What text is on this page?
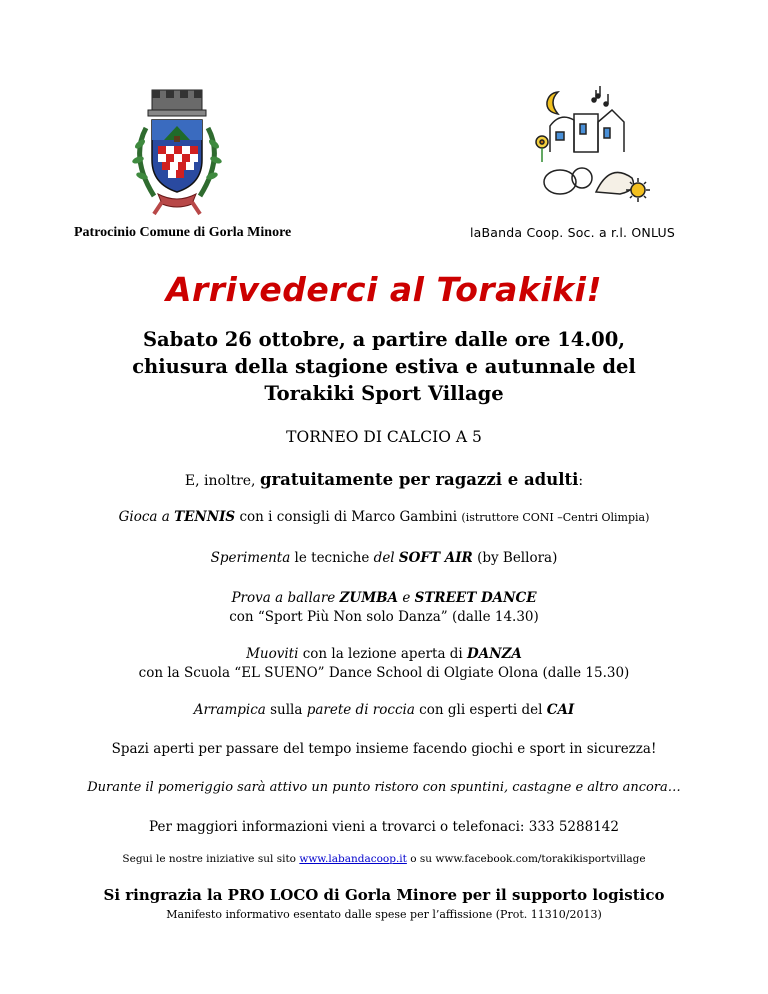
Patrocinio Comune di Gorla Minore	laBanda Coop. Soc. a r.l. ONLUS
Arrivederci al Torakiki!
Sabato 26 ottobre, a partire dalle ore 14.00,
chiusura della stagione estiva e autunnale del
Torakiki Sport Village
TORNEO DI CALCIO A 5
E, inoltre, gratuitamente per ragazzi e adulti:
Gioca a TENNIS con i consigli di Marco Gambini (istruttore CONI –Centri Olimpia)
Sperimenta le tecniche del SOFT AIR (by Bellora)
Prova a ballare ZUMBA e STREET DANCE
con “Sport Più Non solo Danza” (dalle 14.30)
Muoviti con la lezione aperta di DANZA
con la Scuola “EL SUENO” Dance School di Olgiate Olona (dalle 15.30)
Arrampica sulla parete di roccia con gli esperti del CAI
Spazi aperti per passare del tempo insieme facendo giochi e sport in sicurezza!
Durante il pomeriggio sarà attivo un punto ristoro con spuntini, castagne e altro ancora…
Per maggiori informazioni vieni a trovarci o telefonaci: 333 5288142
Segui le nostre iniziative sul sito www.labandacoop.it o su www.facebook.com/torakikisportvillage
Si ringrazia la PRO LOCO di Gorla Minore per il supporto logistico
Manifesto informativo esentato dalle spese per l’affissione (Prot. 11310/2013)
